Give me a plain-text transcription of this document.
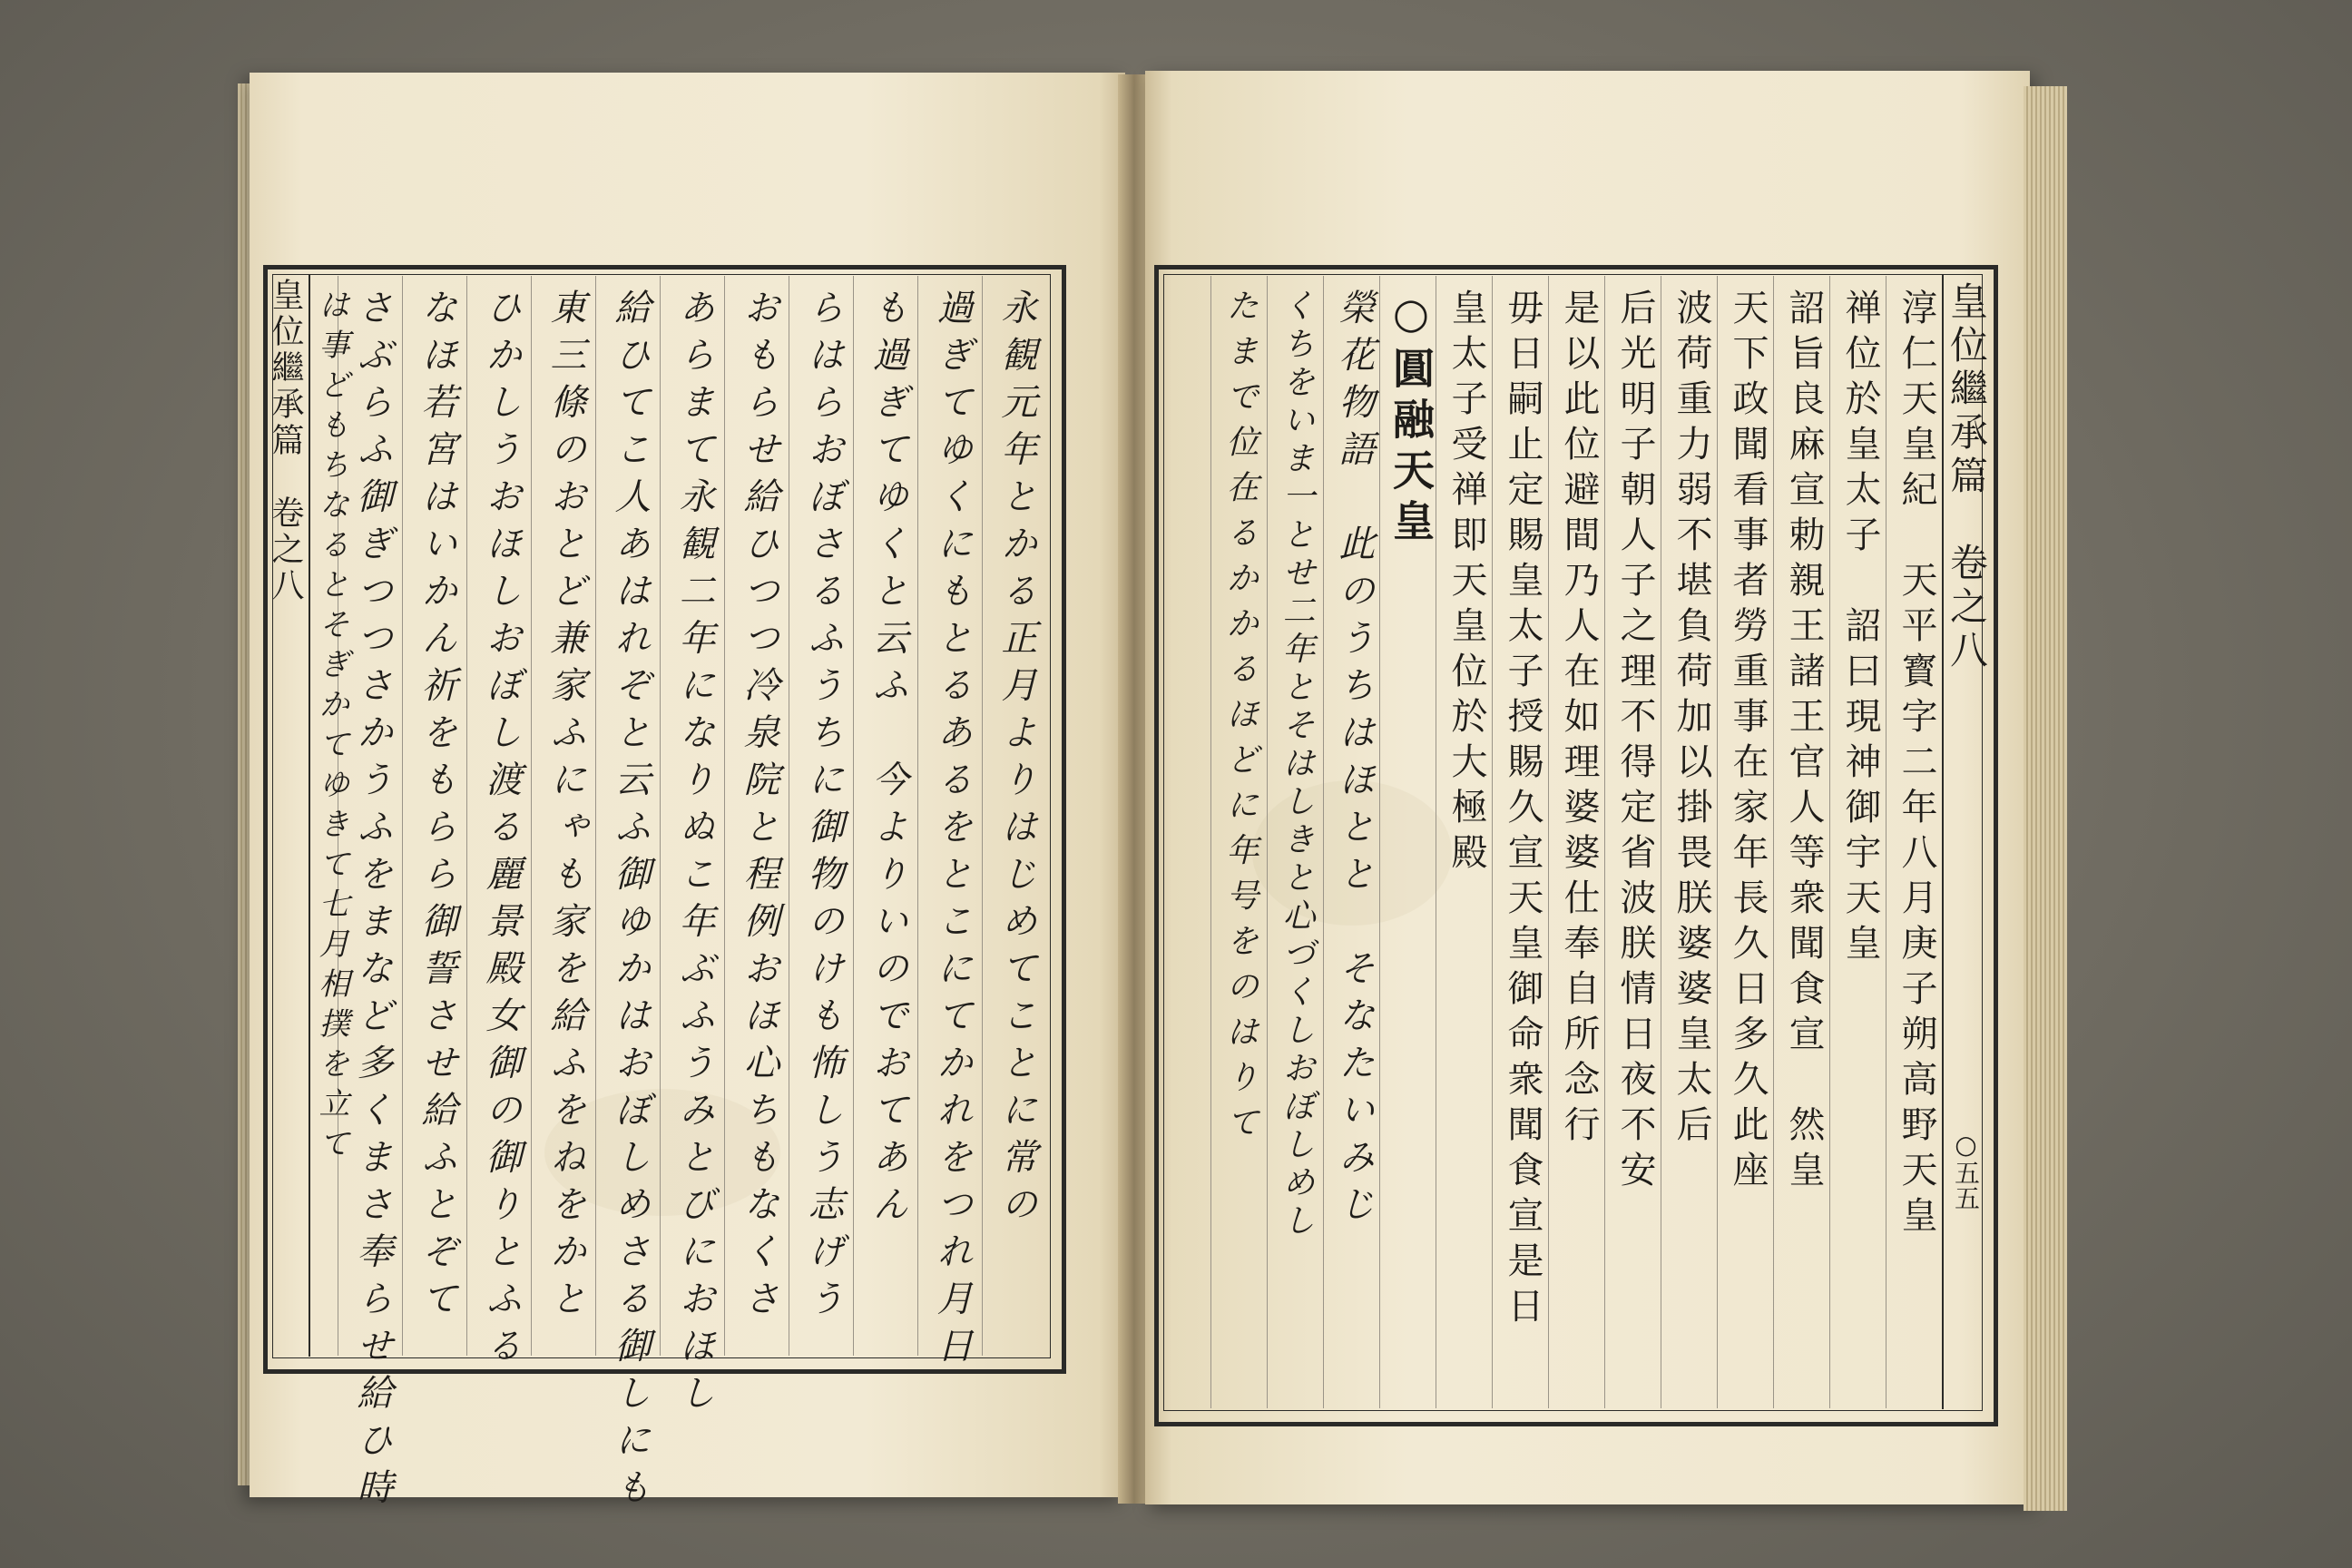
皇位繼承篇　卷之八	永観元年とかる正月よりはじめてことに常の
過ぎてゆくにもとるあるをとこにてかれをつれ月日
も過ぎてゆくと云ふ　今よりいのでおてあん
らはらおぼさるふうちに御物のけも怖しう志げう
おもらせ給ひつつ冷泉院と程例おほ心ちもなくさ
あらまて永観二年になりぬこ年ぶふうみとびにおほし
給ひてこ人あはれぞと云ふ御ゆかはおぼしめさる御しにも
東三條のおとど兼家ふにゃも家を給ふをねをかと
ひかしうおほしおぼし渡る麗景殿女御の御りとふる
なほ若宮はいかん祈をもらら御誓させ給ふとぞて
さぶらふ御ぎつつさかうふをまなど多くまさ奉らせ給ひ時
は事どもちなるとそぎかてゆきて七月相撲を立て	皇位繼承篇　卷之八
○五五
淳仁天皇紀　天平寳字二年八月庚子朔高野天皇
禅位於皇太子　詔曰現神御宇天皇
詔旨良麻宣勅親王諸王官人等衆聞食宣　然皇
天下政聞看事者勞重事在家年長久日多久此座
波荷重力弱不堪負荷加以掛畏朕婆婆皇太后
后光明子朝人子之理不得定省波朕情日夜不安
是以此位避間乃人在如理婆婆仕奉自所念行
毋日嗣止定賜皇太子授賜久宣天皇御命衆聞食宣是日
皇太子受禅即天皇位於大極殿
○圓融天皇
榮花物語　此のうちはほとと　そなたいみじ
くちをいま一とせ二年とそはしきと心づくしおぼしめし
たまで位在るかかるほどに年号をのはりて
